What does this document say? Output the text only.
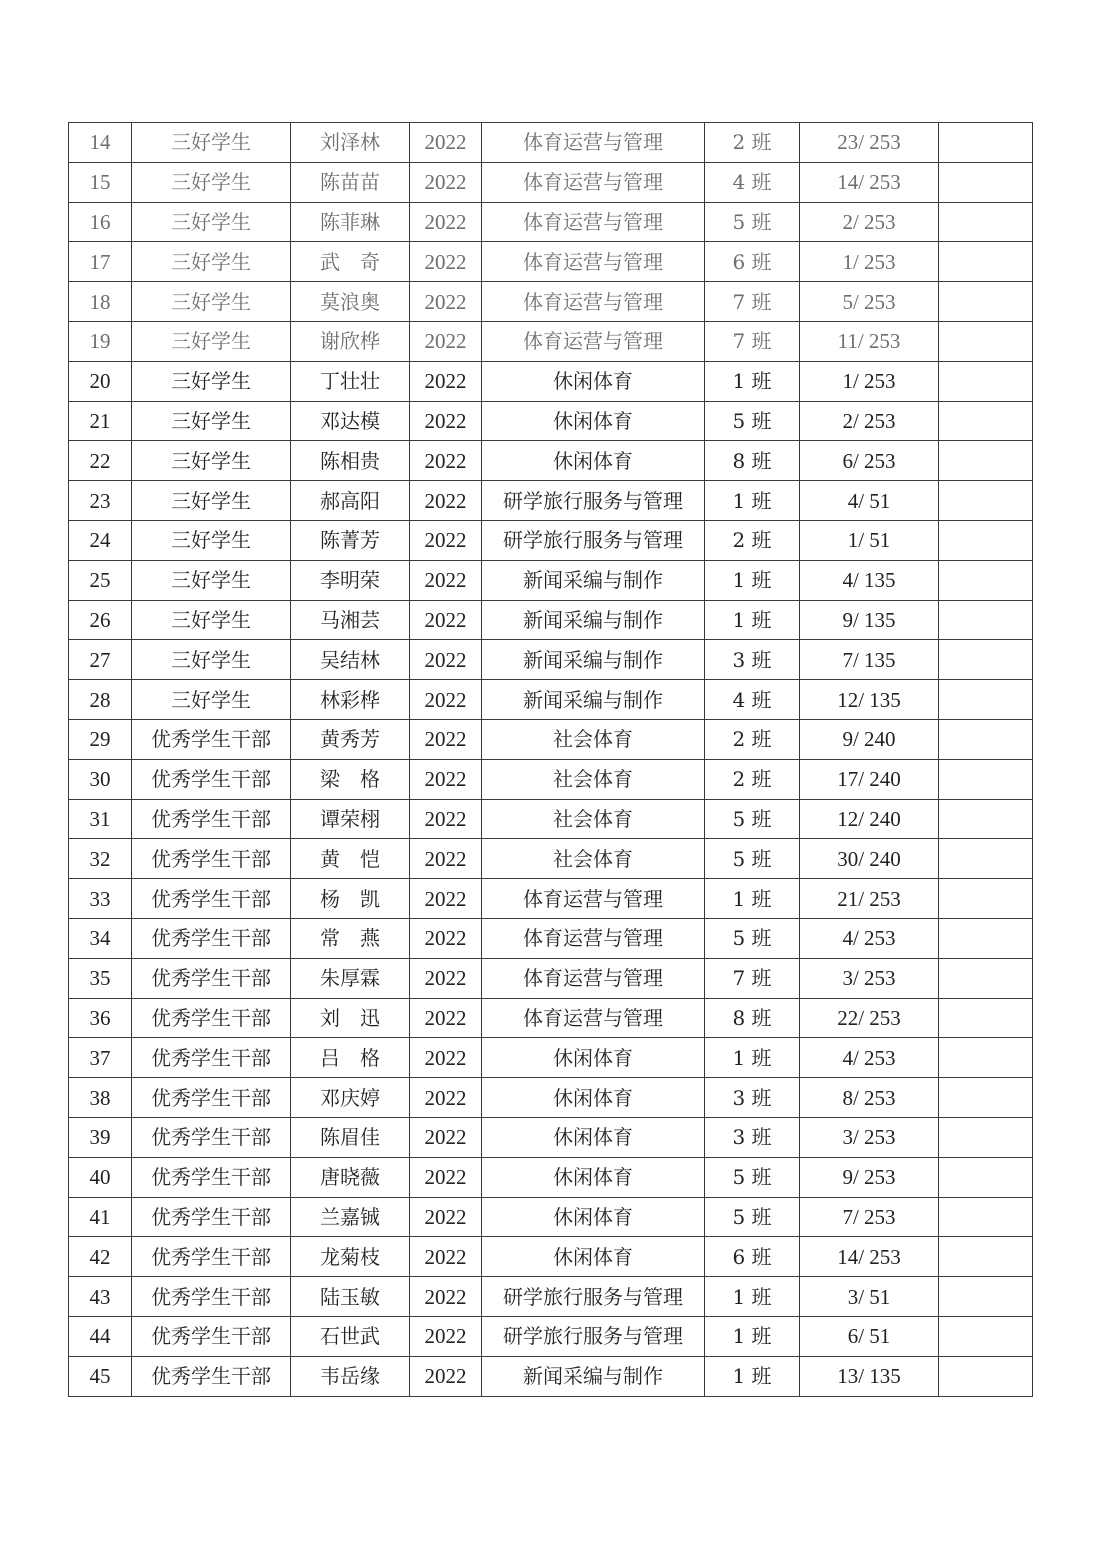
14	三好学生	刘泽林	2022	体育运营与管理	2 班	23/ 253	
15	三好学生	陈苗苗	2022	体育运营与管理	4 班	14/ 253	
16	三好学生	陈菲琳	2022	体育运营与管理	5 班	2/ 253	
17	三好学生	武　奇	2022	体育运营与管理	6 班	1/ 253	
18	三好学生	莫浪奥	2022	体育运营与管理	7 班	5/ 253	
19	三好学生	谢欣桦	2022	体育运营与管理	7 班	11/ 253	
20	三好学生	丁壮壮	2022	休闲体育	1 班	1/ 253	
21	三好学生	邓达模	2022	休闲体育	5 班	2/ 253	
22	三好学生	陈相贵	2022	休闲体育	8 班	6/ 253	
23	三好学生	郝高阳	2022	研学旅行服务与管理	1 班	4/ 51	
24	三好学生	陈菁芳	2022	研学旅行服务与管理	2 班	1/ 51	
25	三好学生	李明荣	2022	新闻采编与制作	1 班	4/ 135	
26	三好学生	马湘芸	2022	新闻采编与制作	1 班	9/ 135	
27	三好学生	吴结林	2022	新闻采编与制作	3 班	7/ 135	
28	三好学生	林彩桦	2022	新闻采编与制作	4 班	12/ 135	
29	优秀学生干部	黄秀芳	2022	社会体育	2 班	9/ 240	
30	优秀学生干部	梁　格	2022	社会体育	2 班	17/ 240	
31	优秀学生干部	谭荣栩	2022	社会体育	5 班	12/ 240	
32	优秀学生干部	黄　恺	2022	社会体育	5 班	30/ 240	
33	优秀学生干部	杨　凯	2022	体育运营与管理	1 班	21/ 253	
34	优秀学生干部	常　燕	2022	体育运营与管理	5 班	4/ 253	
35	优秀学生干部	朱厚霖	2022	体育运营与管理	7 班	3/ 253	
36	优秀学生干部	刘　迅	2022	体育运营与管理	8 班	22/ 253	
37	优秀学生干部	吕　格	2022	休闲体育	1 班	4/ 253	
38	优秀学生干部	邓庆婷	2022	休闲体育	3 班	8/ 253	
39	优秀学生干部	陈眉佳	2022	休闲体育	3 班	3/ 253	
40	优秀学生干部	唐晓薇	2022	休闲体育	5 班	9/ 253	
41	优秀学生干部	兰嘉铖	2022	休闲体育	5 班	7/ 253	
42	优秀学生干部	龙菊枝	2022	休闲体育	6 班	14/ 253	
43	优秀学生干部	陆玉敏	2022	研学旅行服务与管理	1 班	3/ 51	
44	优秀学生干部	石世武	2022	研学旅行服务与管理	1 班	6/ 51	
45	优秀学生干部	韦岳缘	2022	新闻采编与制作	1 班	13/ 135	
